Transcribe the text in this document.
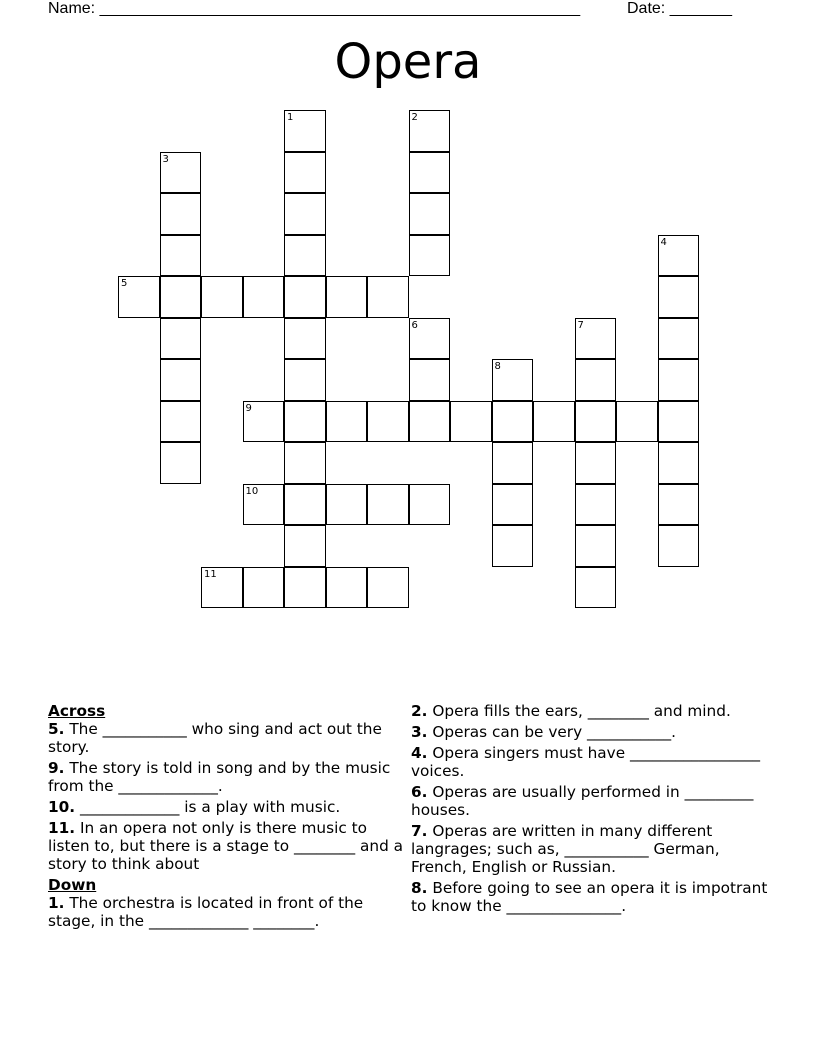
Name: ______________________________________________________	Date: _______
Opera
1	2
3
4
5
6	7
8
9
10
11
Across
5. The ___________ who sing and act out the story.
9. The story is told in song and by the music from the _____________.
10. _____________ is a play with music.
11. In an opera not only is there music to listen to, but there is a stage to ________ and a story to think about
Down
1. The orchestra is located in front of the stage, in the _____________ ________.
2. Opera fills the ears, ________ and mind.
3. Operas can be very ___________.
4. Opera singers must have _________________ voices.
6. Operas are usually performed in _________ houses.
7. Operas are written in many different langrages; such as, ___________ German, French, English or Russian.
8. Before going to see an opera it is impotrant to know the _______________.
